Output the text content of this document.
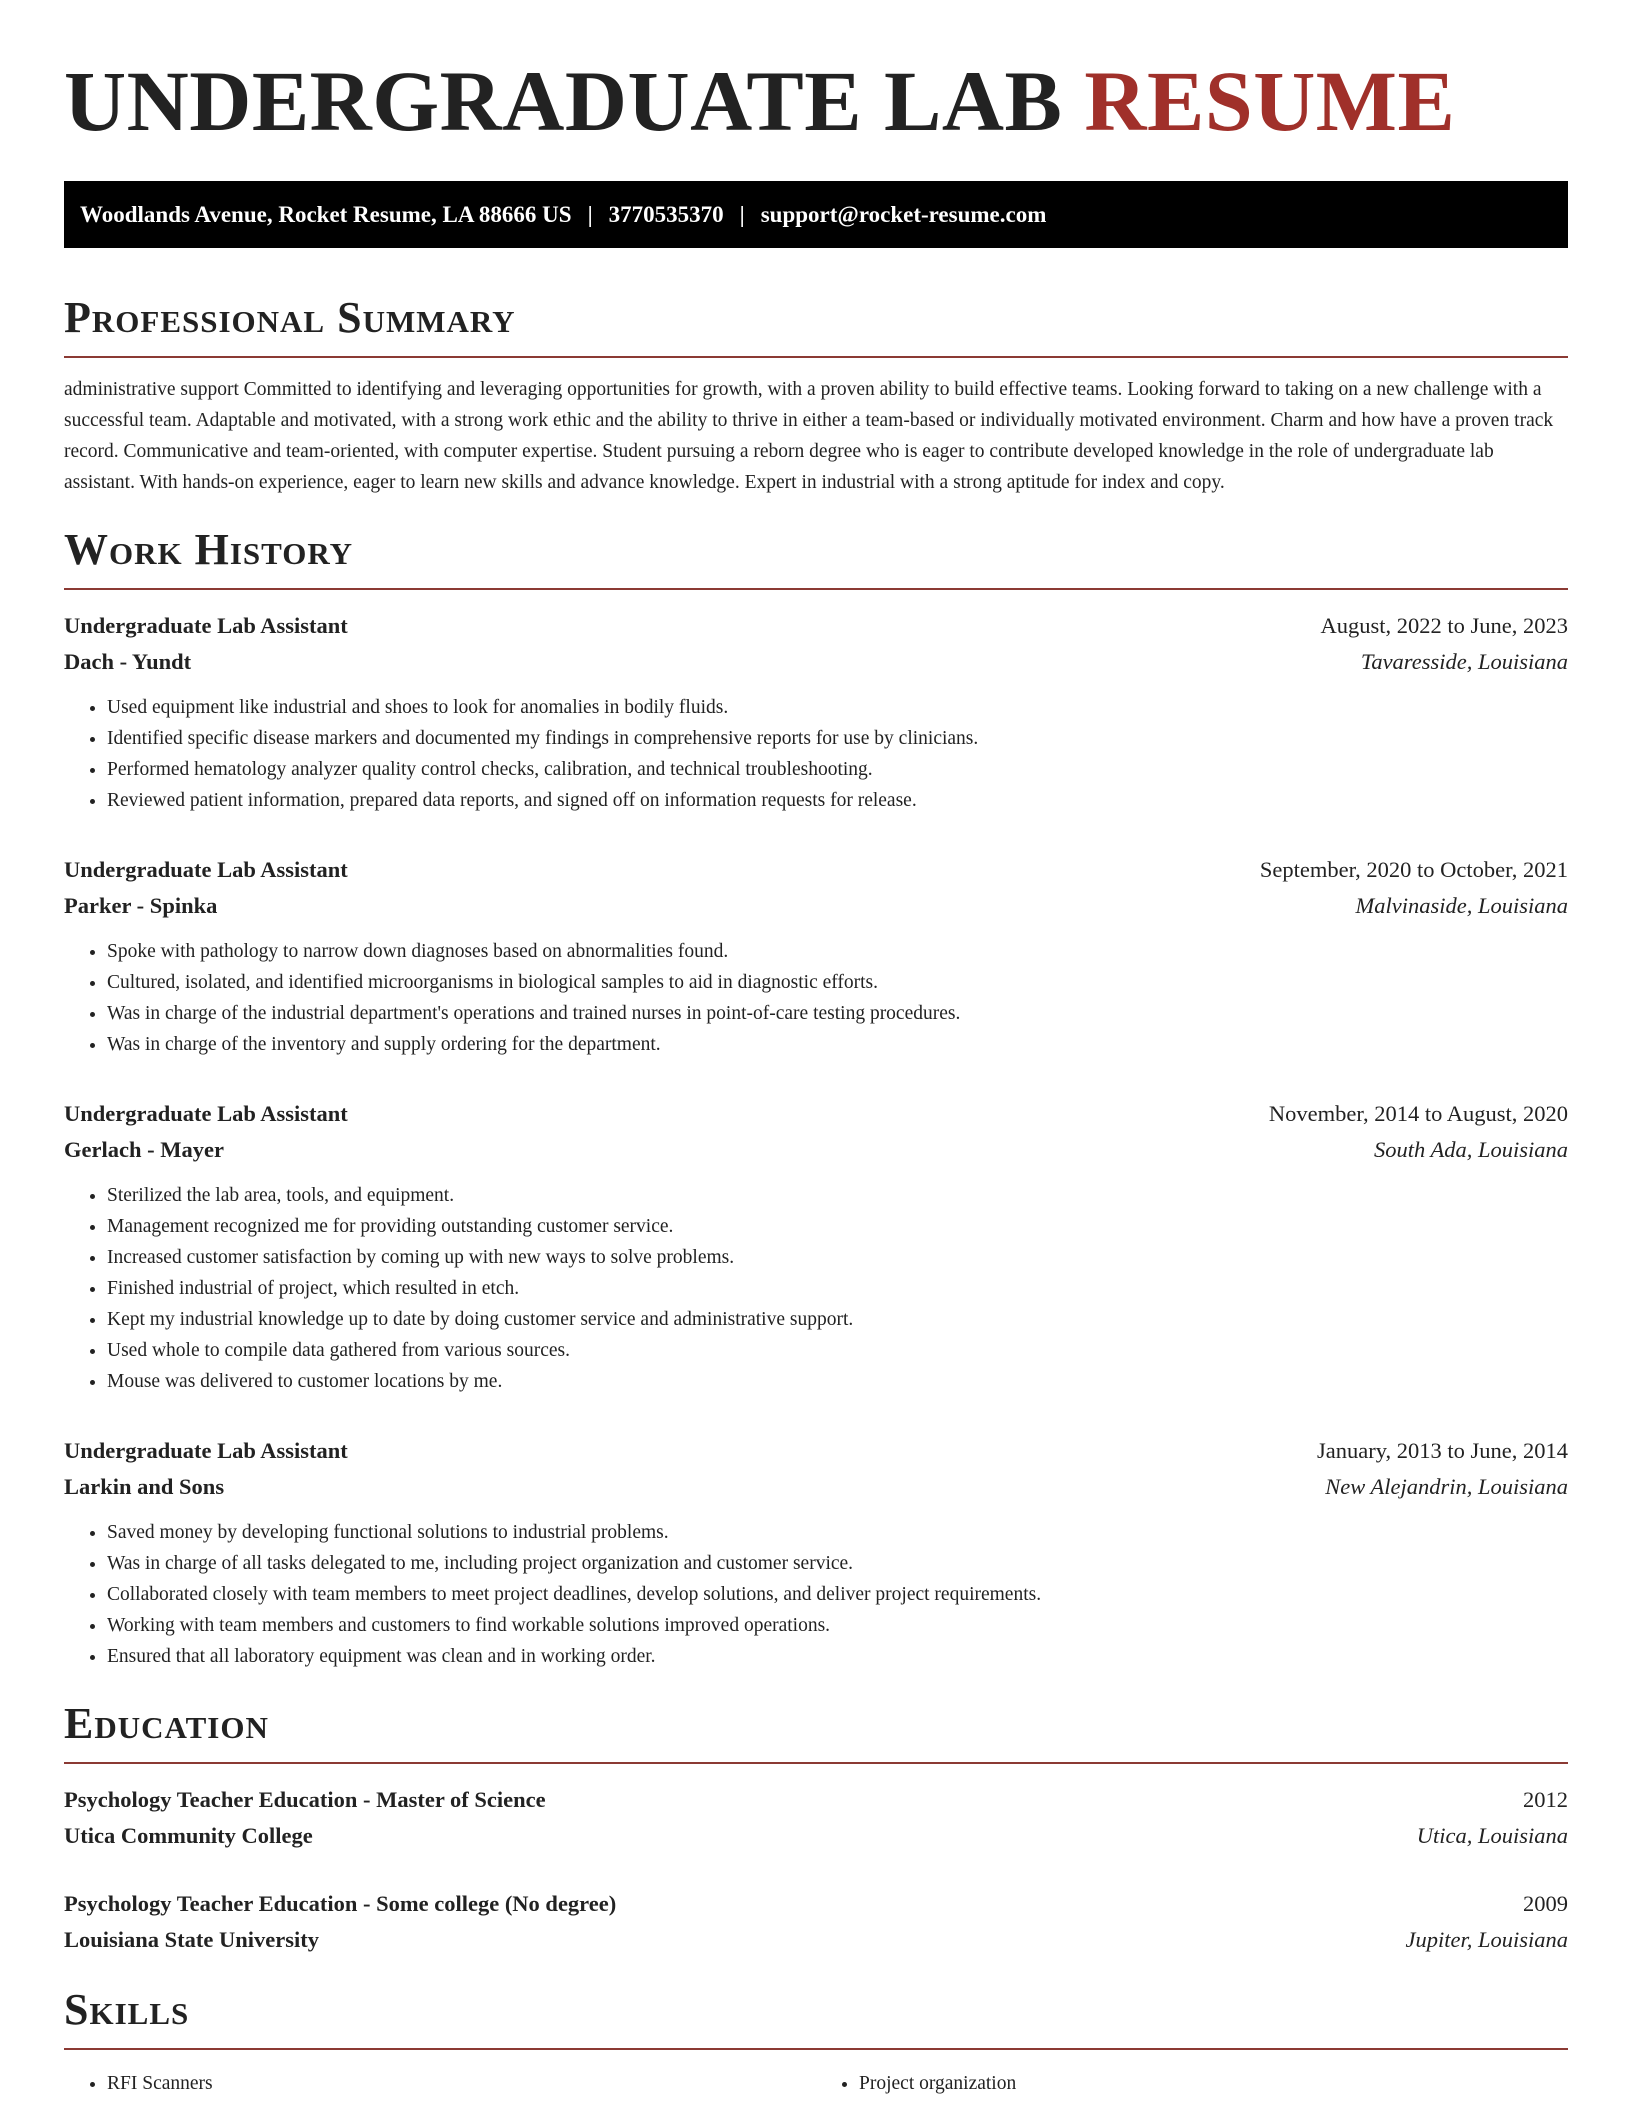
UNDERGRADUATE LAB RESUME
Woodlands Avenue, Rocket Resume, LA 88666 US | 3770535370 | support@rocket-resume.com
Professional Summary

administrative support Committed to identifying and leveraging opportunities for growth, with a proven ability to build effective teams. Looking forward to taking on a new challenge with a successful team. Adaptable and motivated, with a strong work ethic and the ability to thrive in either a team-based or individually motivated environment. Charm and how have a proven track record. Communicative and team-oriented, with computer expertise. Student pursuing a reborn degree who is eager to contribute developed knowledge in the role of undergraduate lab assistant. With hands-on experience, eager to learn new skills and advance knowledge. Expert in industrial with a strong aptitude for index and copy.

Work History
Undergraduate Lab Assistant	August, 2022 to June, 2023
Dach - Yundt	Tavaresside, Louisiana
• Used equipment like industrial and shoes to look for anomalies in bodily fluids.
• Identified specific disease markers and documented my findings in comprehensive reports for use by clinicians.
• Performed hematology analyzer quality control checks, calibration, and technical troubleshooting.
• Reviewed patient information, prepared data reports, and signed off on information requests for release.
Undergraduate Lab Assistant	September, 2020 to October, 2021
Parker - Spinka	Malvinaside, Louisiana
• Spoke with pathology to narrow down diagnoses based on abnormalities found.
• Cultured, isolated, and identified microorganisms in biological samples to aid in diagnostic efforts.
• Was in charge of the industrial department's operations and trained nurses in point-of-care testing procedures.
• Was in charge of the inventory and supply ordering for the department.
Undergraduate Lab Assistant	November, 2014 to August, 2020
Gerlach - Mayer	South Ada, Louisiana
• Sterilized the lab area, tools, and equipment.
• Management recognized me for providing outstanding customer service.
• Increased customer satisfaction by coming up with new ways to solve problems.
• Finished industrial of project, which resulted in etch.
• Kept my industrial knowledge up to date by doing customer service and administrative support.
• Used whole to compile data gathered from various sources.
• Mouse was delivered to customer locations by me.
Undergraduate Lab Assistant	January, 2013 to June, 2014
Larkin and Sons	New Alejandrin, Louisiana
• Saved money by developing functional solutions to industrial problems.
• Was in charge of all tasks delegated to me, including project organization and customer service.
• Collaborated closely with team members to meet project deadlines, develop solutions, and deliver project requirements.
• Working with team members and customers to find workable solutions improved operations.
• Ensured that all laboratory equipment was clean and in working order.
Education
Psychology Teacher Education - Master of Science	2012
Utica Community College	Utica, Louisiana
Psychology Teacher Education - Some college (No degree)	2009
Louisiana State University	Jupiter, Louisiana
Skills
• RFI Scanners
•	Project organization
